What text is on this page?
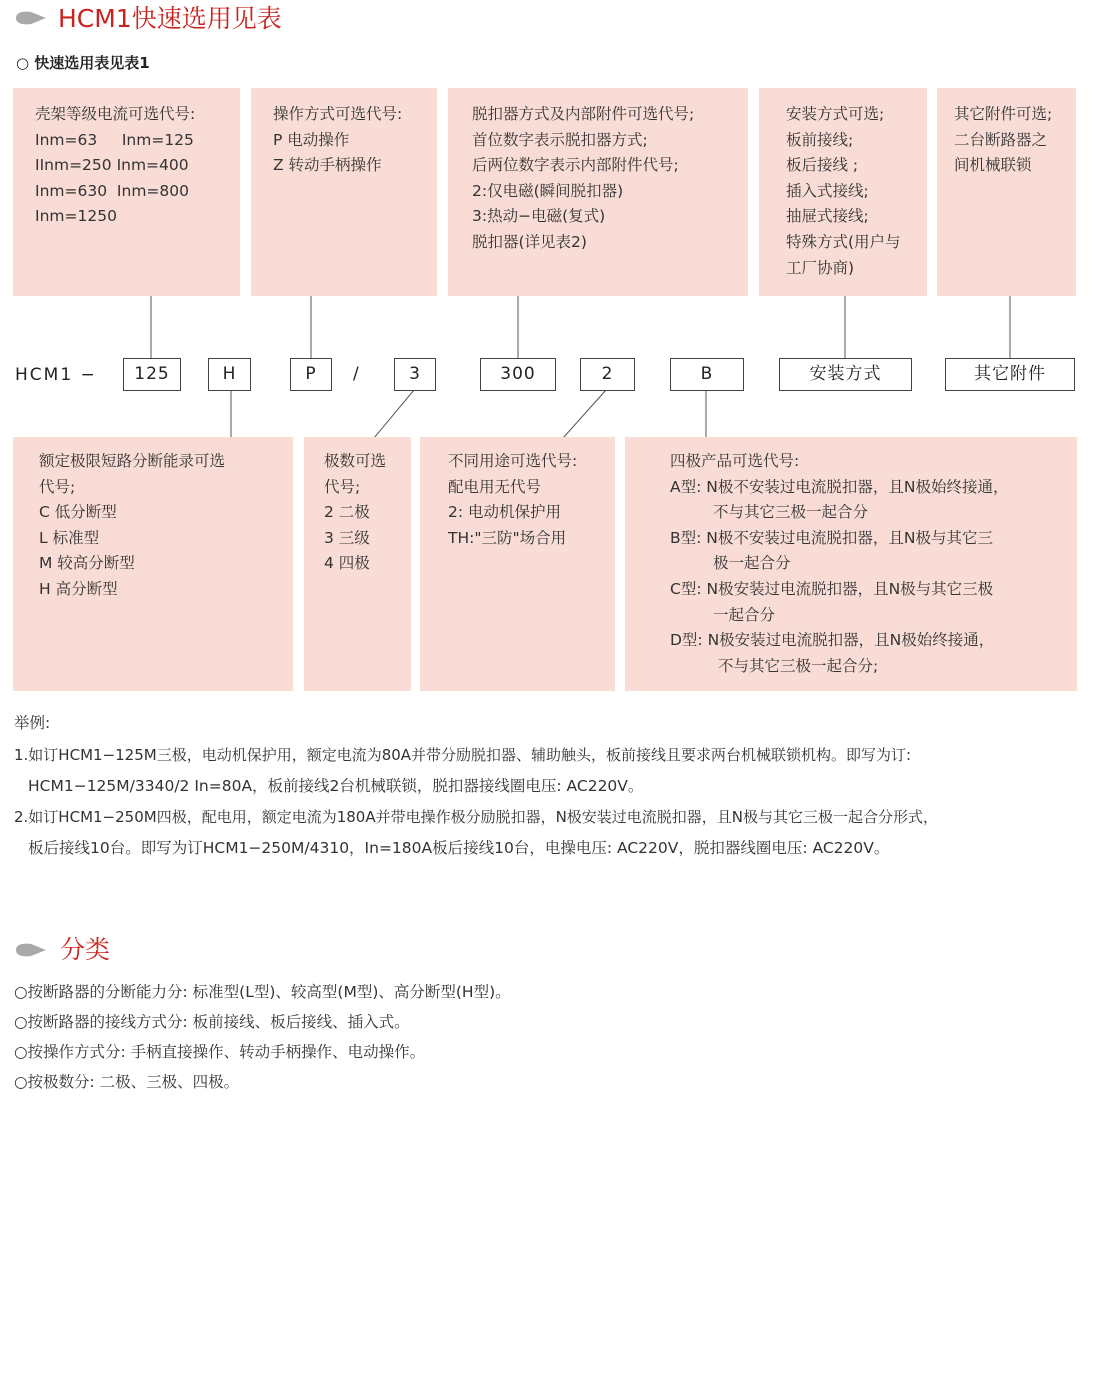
HCM1快速选用见表
○ 快速选用表见表1
壳架等级电流可选代号:
Inm=63     Inm=125
IInm=250 Inm=400
Inm=630  Inm=800
Inm=1250
操作方式可选代号:
P 电动操作
Z 转动手柄操作
脱扣器方式及内部附件可选代号;
首位数字表示脱扣器方式;
后两位数字表示内部附件代号;
2:仅电磁(瞬间脱扣器)
3:热动−电磁(复式)
脱扣器(详见表2)
安装方式可选;
板前接线;
板后接线 ;
插入式接线;
抽屉式接线;
特殊方式(用户与
工厂协商)
其它附件可选;
二台断路器之
间机械联锁
HCM1 −	125	H	P	/	3	300	2	B	安装方式	其它附件
额定极限短路分断能录可选
代号;
C 低分断型
L 标准型
M 较高分断型
H 高分断型
极数可选
代号;
2 二极
3 三级
4 四极
不同用途可选代号:
配电用无代号
2: 电动机保护用
TH:"三防"场合用
四极产品可选代号:
A型: N极不安装过电流脱扣器，且N极始终接通，
不与其它三极一起合分
B型: N极不安装过电流脱扣器，且N极与其它三
极一起合分
C型: N极安装过电流脱扣器，且N极与其它三极
一起合分
D型: N极安装过电流脱扣器，且N极始终接通，
不与其它三极一起合分;
举例:
1.如订HCM1−125M三极，电动机保护用，额定电流为80A并带分励脱扣器、辅助触头，板前接线且要求两台机械联锁机构。即写为订:
HCM1−125M/3340/2 In=80A，板前接线2台机械联锁，脱扣器接线圈电压: AC220V。
2.如订HCM1−250M四极，配电用，额定电流为180A并带电操作极分励脱扣器，N极安装过电流脱扣器，且N极与其它三极一起合分形式，
板后接线10台。即写为订HCM1−250M/4310，In=180A板后接线10台，电操电压: AC220V，脱扣器线圈电压: AC220V。
分类
○按断路器的分断能力分: 标准型(L型)、较高型(M型)、高分断型(H型)。
○按断路器的接线方式分: 板前接线、板后接线、插入式。
○按操作方式分: 手柄直接操作、转动手柄操作、电动操作。
○按极数分: 二极、三极、四极。
